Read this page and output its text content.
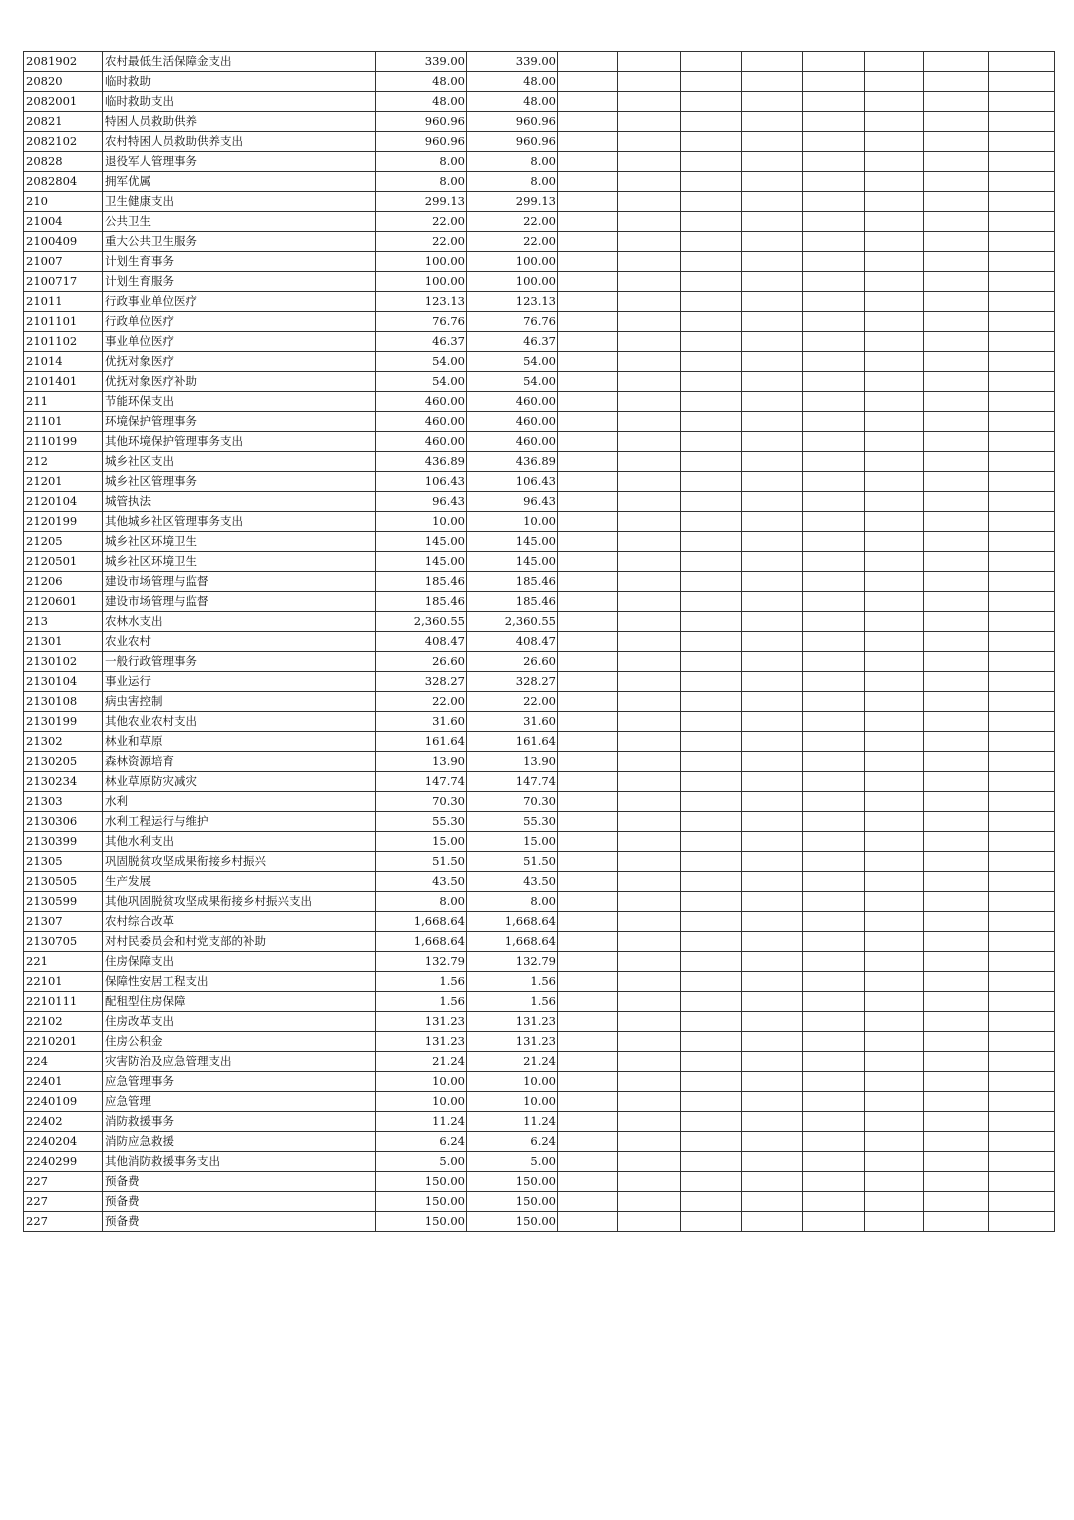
2081902	农村最低生活保障金支出	339.00	339.00								
20820	临时救助	48.00	48.00								
2082001	临时救助支出	48.00	48.00								
20821	特困人员救助供养	960.96	960.96								
2082102	农村特困人员救助供养支出	960.96	960.96								
20828	退役军人管理事务	8.00	8.00								
2082804	拥军优属	8.00	8.00								
210	卫生健康支出	299.13	299.13								
21004	公共卫生	22.00	22.00								
2100409	重大公共卫生服务	22.00	22.00								
21007	计划生育事务	100.00	100.00								
2100717	计划生育服务	100.00	100.00								
21011	行政事业单位医疗	123.13	123.13								
2101101	行政单位医疗	76.76	76.76								
2101102	事业单位医疗	46.37	46.37								
21014	优抚对象医疗	54.00	54.00								
2101401	优抚对象医疗补助	54.00	54.00								
211	节能环保支出	460.00	460.00								
21101	环境保护管理事务	460.00	460.00								
2110199	其他环境保护管理事务支出	460.00	460.00								
212	城乡社区支出	436.89	436.89								
21201	城乡社区管理事务	106.43	106.43								
2120104	城管执法	96.43	96.43								
2120199	其他城乡社区管理事务支出	10.00	10.00								
21205	城乡社区环境卫生	145.00	145.00								
2120501	城乡社区环境卫生	145.00	145.00								
21206	建设市场管理与监督	185.46	185.46								
2120601	建设市场管理与监督	185.46	185.46								
213	农林水支出	2,360.55	2,360.55								
21301	农业农村	408.47	408.47								
2130102	一般行政管理事务	26.60	26.60								
2130104	事业运行	328.27	328.27								
2130108	病虫害控制	22.00	22.00								
2130199	其他农业农村支出	31.60	31.60								
21302	林业和草原	161.64	161.64								
2130205	森林资源培育	13.90	13.90								
2130234	林业草原防灾减灾	147.74	147.74								
21303	水利	70.30	70.30								
2130306	水利工程运行与维护	55.30	55.30								
2130399	其他水利支出	15.00	15.00								
21305	巩固脱贫攻坚成果衔接乡村振兴	51.50	51.50								
2130505	生产发展	43.50	43.50								
2130599	其他巩固脱贫攻坚成果衔接乡村振兴支出	8.00	8.00								
21307	农村综合改革	1,668.64	1,668.64								
2130705	对村民委员会和村党支部的补助	1,668.64	1,668.64								
221	住房保障支出	132.79	132.79								
22101	保障性安居工程支出	1.56	1.56								
2210111	配租型住房保障	1.56	1.56								
22102	住房改革支出	131.23	131.23								
2210201	住房公积金	131.23	131.23								
224	灾害防治及应急管理支出	21.24	21.24								
22401	应急管理事务	10.00	10.00								
2240109	应急管理	10.00	10.00								
22402	消防救援事务	11.24	11.24								
2240204	消防应急救援	6.24	6.24								
2240299	其他消防救援事务支出	5.00	5.00								
227	预备费	150.00	150.00								
227	预备费	150.00	150.00								
227	预备费	150.00	150.00								
